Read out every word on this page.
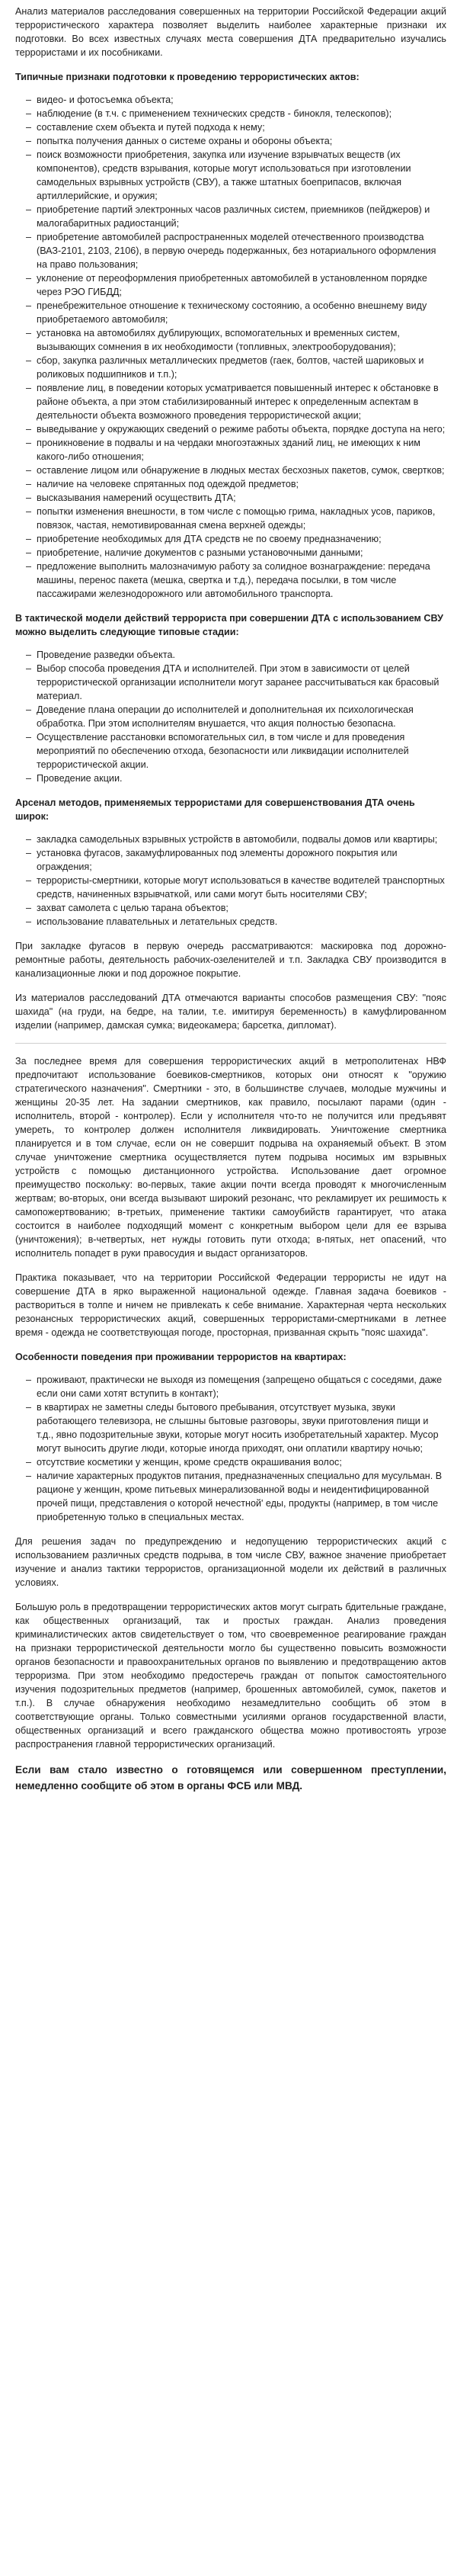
Анализ материалов расследования совершенных на территории Российской Федерации акций террористического характера позволяет выделить наиболее характерные признаки их подготовки. Во всех известных случаях места совершения ДТА предварительно изучались террористами и их пособниками.

Типичные признаки подготовки к проведению террористических актов:
– видео- и фотосъемка объекта;
– наблюдение (в т.ч. с применением технических средств - бинокля, телескопов);
– составление схем объекта и путей подхода к нему;
– попытка получения данных о системе охраны и обороны объекта;
– поиск возможности приобретения, закупка или изучение взрывчатых веществ (их компонентов), средств взрывания, которые могут использоваться при изготовлении самодельных взрывных устройств (СВУ), а также штатных боеприпасов, включая артиллерийские, и оружия;
– приобретение партий электронных часов различных систем, приемников (пейджеров) и малогабаритных радиостанций;
– приобретение автомобилей распространенных моделей отечественного производства (ВАЗ-2101, 2103, 2106), в первую очередь подержанных, без нотариального оформления на право пользования;
– уклонение от переоформления приобретенных автомобилей в установленном порядке через РЭО ГИБДД;
– пренебрежительное отношение к техническому состоянию, а особенно внешнему виду приобретаемого автомобиля;
– установка на автомобилях дублирующих, вспомогательных и временных систем, вызывающих сомнения в их необходимости (топливных, электрооборудования);
– сбор, закупка различных металлических предметов (гаек, болтов, частей шариковых и роликовых подшипников и т.п.);
– появление лиц, в поведении которых усматривается повышенный интерес к обстановке в районе объекта, а при этом стабилизированный интерес к определенным аспектам в деятельности объекта возможного проведения террористической акции;
– выведывание у окружающих сведений о режиме работы объекта, порядке доступа на него;
– проникновение в подвалы и на чердаки многоэтажных зданий лиц, не имеющих к ним какого-либо отношения;
– оставление лицом или обнаружение в людных местах бесхозных пакетов, сумок, свертков;
– наличие на человеке спрятанных под одеждой предметов;
– высказывания намерений осуществить ДТА;
– попытки изменения внешности, в том числе с помощью грима, накладных усов, париков, повязок, частая, немотивированная смена верхней одежды;
– приобретение необходимых для ДТА средств не по своему предназначению;
– приобретение, наличие документов с разными установочными данными;
– предложение выполнить малозначимую работу за солидное вознаграждение: передача машины, перенос пакета (мешка, свертка и т.д.), передача посылки, в том числе пассажирами железнодорожного или автомобильного транспорта.
В тактической модели действий террориста при совершении ДТА с использованием СВУ можно выделить следующие типовые стадии:
– Проведение разведки объекта.
– Выбор способа проведения ДТА и исполнителей. При этом в зависимости от целей террористической организации исполнители могут заранее рассчитываться как брасовый материал.
– Доведение плана операции до исполнителей и дополнительная их психологическая обработка. При этом исполнителям внушается, что акция полностью безопасна.
– Осуществление расстановки вспомогательных сил, в том числе и для проведения мероприятий по обеспечению отхода, безопасности или ликвидации исполнителей террористической акции.
– Проведение акции.
Арсенал методов, применяемых террористами для совершенствования ДТА очень широк:
– закладка самодельных взрывных устройств в автомобили, подвалы домов или квартиры;
– установка фугасов, закамуфлированных под элементы дорожного покрытия или ограждения;
– террористы-смертники, которые могут использоваться в качестве водителей транспортных средств, начиненных взрывчаткой, или сами могут быть носителями СВУ;
– захват самолета с целью тарана объектов;
– использование плавательных и летательных средств.

При закладке фугасов в первую очередь рассматриваются: маскировка под дорожно-ремонтные работы, деятельность рабочих-озеленителей и т.п. Закладка СВУ производится в канализационные люки и под дорожное покрытие.

Из материалов расследований ДТА отмечаются варианты способов размещения СВУ: "пояс шахида" (на груди, на бедре, на талии, т.е. имитируя беременность) в камуфлированном изделии (например, дамская сумка; видеокамера; барсетка, дипломат).

За последнее время для совершения террористических акций в метрополитенах НВФ предпочитают использование боевиков-смертников, которых они относят к "оружию стратегического назначения". Смертники - это, в большинстве случаев, молодые мужчины и женщины 20-35 лет. На задании смертников, как правило, посылают парами (один - исполнитель, второй - контролер). Если у исполнителя что-то не получится или предъявят умереть, то контролер должен исполнителя ликвидировать. Уничтожение смертника планируется и в том случае, если он не совершит подрыва на охраняемый объект. В этом случае уничтожение смертника осуществляется путем подрыва носимых им взрывных устройств с помощью дистанционного устройства. Использование дает огромное преимущество поскольку: во-первых, такие акции почти всегда проводят к многочисленным жертвам; во-вторых, они всегда вызывают широкий резонанс, что рекламирует их решимость к самопожертвованию; в-третьих, применение тактики самоубийств гарантирует, что атака состоится в наиболее подходящий момент с конкретным выбором цели для ее взрыва (уничтожения); в-четвертых, нет нужды готовить пути отхода; в-пятых, нет опасений, что исполнитель попадет в руки правосудия и выдаст организаторов.

Практика показывает, что на территории Российской Федерации террористы не идут на совершение ДТА в ярко выраженной национальной одежде. Главная задача боевиков - раствориться в толпе и ничем не привлекать к себе внимание. Характерная черта нескольких резонансных террористических акций, совершенных террористами-смертниками в летнее время - одежда не соответствующая погоде, просторная, призванная скрыть "пояс шахида".

Особенности поведения при проживании террористов на квартирах:
– проживают, практически не выходя из помещения (запрещено общаться с соседями, даже если они сами хотят вступить в контакт);
– в квартирах не заметны следы бытового пребывания, отсутствует музыка, звуки работающего телевизора, не слышны бытовые разговоры, звуки приготовления пищи и т.д., явно подозрительные звуки, которые могут носить изобретательный характер. Мусор могут выносить другие люди, которые иногда приходят, они оплатили квартиру ночью;
– отсутствие косметики у женщин, кроме средств окрашивания волос;
– наличие характерных продуктов питания, предназначенных специально для мусульман. В рационе у женщин, кроме питьевых минерализованной воды и неидентифицированной прочей пищи, представления о которой нечестной' еды, продукты (например, в том числе приобретенную только в специальных местах.

Для решения задач по предупреждению и недопущению террористических акций с использованием различных средств подрыва, в том числе СВУ, важное значение приобретает изучение и анализ тактики террористов, организационной модели их действий в различных условиях.

Большую роль в предотвращении террористических актов могут сыграть бдительные граждане, как общественных организаций, так и простых граждан. Анализ проведения криминалистических актов свидетельствует о том, что своевременное реагирование граждан на признаки террористической деятельности могло бы существенно повысить возможности органов безопасности и правоохранительных органов по выявлению и предотвращению актов терроризма. При этом необходимо предостеречь граждан от попыток самостоятельного изучения подозрительных предметов (например, брошенных автомобилей, сумок, пакетов и т.п.). В случае обнаружения необходимо незамедлительно сообщить об этом в соответствующие органы. Только совместными усилиями органов государственной власти, общественных организаций и всего гражданского общества можно противостоять угрозе распространения главной террористических организаций.

Если вам стало известно о готовящемся или совершенном преступлении, немедленно сообщите об этом в органы ФСБ или МВД.
